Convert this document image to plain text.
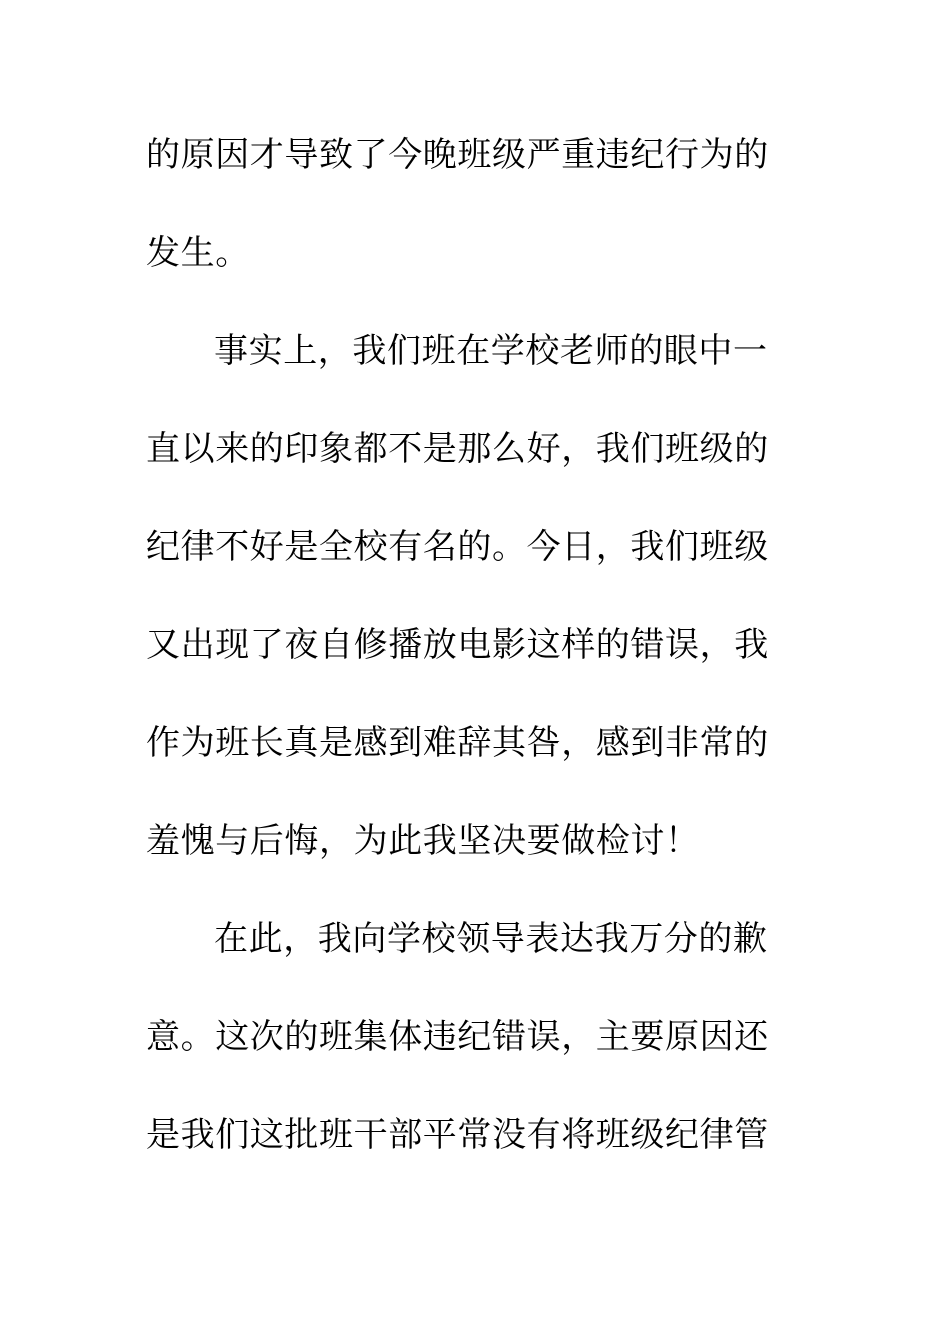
的原因才导致了今晚班级严重违纪行为的
发生。
事实上，我们班在学校老师的眼中一
直以来的印象都不是那么好，我们班级的
纪律不好是全校有名的。今日，我们班级
又出现了夜自修播放电影这样的错误，我
作为班长真是感到难辞其咎，感到非常的
羞愧与后悔，为此我坚决要做检讨！
在此，我向学校领导表达我万分的歉
意。这次的班集体违纪错误，主要原因还
是我们这批班干部平常没有将班级纪律管
